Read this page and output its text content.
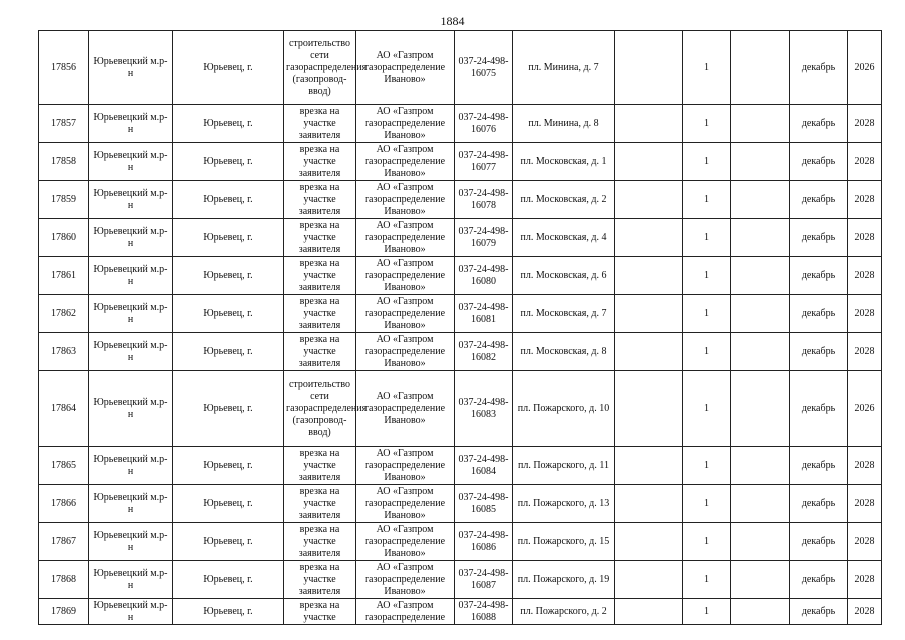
1884
17856	Юрьевецкий м.р-н	Юрьевец, г.	строительство сети газораспределения (газопровод-ввод)	АО «Газпром газораспределение Иваново»	037-24-498-16075	пл. Минина, д. 7		1		декабрь	2026
17857	Юрьевецкий м.р-н	Юрьевец, г.	врезка на участке заявителя	АО «Газпром газораспределение Иваново»	037-24-498-16076	пл. Минина, д. 8		1		декабрь	2028
17858	Юрьевецкий м.р-н	Юрьевец, г.	врезка на участке заявителя	АО «Газпром газораспределение Иваново»	037-24-498-16077	пл. Московская, д. 1		1		декабрь	2028
17859	Юрьевецкий м.р-н	Юрьевец, г.	врезка на участке заявителя	АО «Газпром газораспределение Иваново»	037-24-498-16078	пл. Московская, д. 2		1		декабрь	2028
17860	Юрьевецкий м.р-н	Юрьевец, г.	врезка на участке заявителя	АО «Газпром газораспределение Иваново»	037-24-498-16079	пл. Московская, д. 4		1		декабрь	2028
17861	Юрьевецкий м.р-н	Юрьевец, г.	врезка на участке заявителя	АО «Газпром газораспределение Иваново»	037-24-498-16080	пл. Московская, д. 6		1		декабрь	2028
17862	Юрьевецкий м.р-н	Юрьевец, г.	врезка на участке заявителя	АО «Газпром газораспределение Иваново»	037-24-498-16081	пл. Московская, д. 7		1		декабрь	2028
17863	Юрьевецкий м.р-н	Юрьевец, г.	врезка на участке заявителя	АО «Газпром газораспределение Иваново»	037-24-498-16082	пл. Московская, д. 8		1		декабрь	2028
17864	Юрьевецкий м.р-н	Юрьевец, г.	строительство сети газораспределения (газопровод-ввод)	АО «Газпром газораспределение Иваново»	037-24-498-16083	пл. Пожарского, д. 10		1		декабрь	2026
17865	Юрьевецкий м.р-н	Юрьевец, г.	врезка на участке заявителя	АО «Газпром газораспределение Иваново»	037-24-498-16084	пл. Пожарского, д. 11		1		декабрь	2028
17866	Юрьевецкий м.р-н	Юрьевец, г.	врезка на участке заявителя	АО «Газпром газораспределение Иваново»	037-24-498-16085	пл. Пожарского, д. 13		1		декабрь	2028
17867	Юрьевецкий м.р-н	Юрьевец, г.	врезка на участке заявителя	АО «Газпром газораспределение Иваново»	037-24-498-16086	пл. Пожарского, д. 15		1		декабрь	2028
17868	Юрьевецкий м.р-н	Юрьевец, г.	врезка на участке заявителя	АО «Газпром газораспределение Иваново»	037-24-498-16087	пл. Пожарского, д. 19		1		декабрь	2028
17869	Юрьевецкий м.р-н	Юрьевец, г.	врезка на участке	АО «Газпром газораспределение	037-24-498-16088	пл. Пожарского, д. 2		1		декабрь	2028
